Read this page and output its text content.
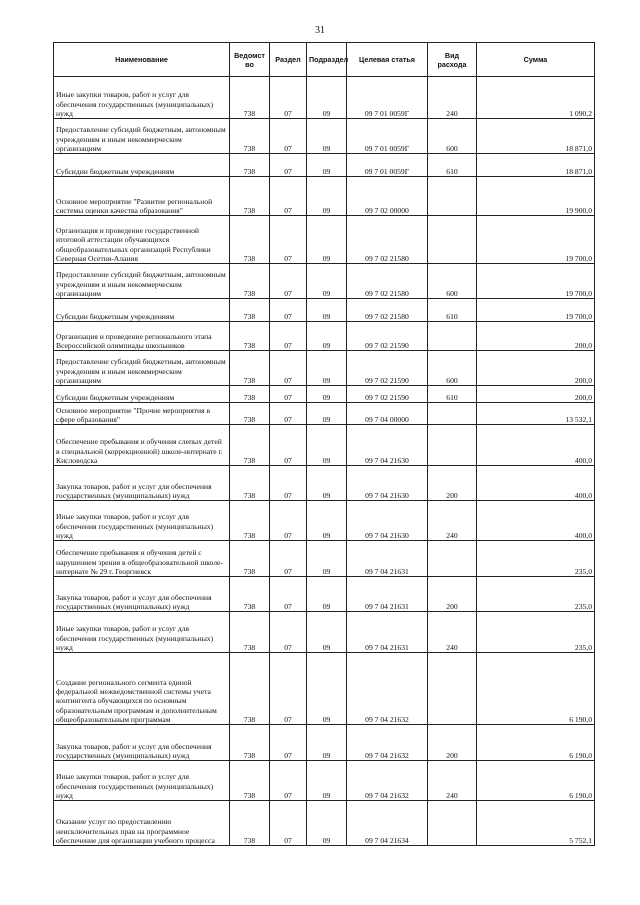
31
Наименование	Ведомст во	Раздел	Подраздел	Целевая статья	Вид расхода	Сумма
Иные закупки товаров, работ и услуг для обеспечения государственных (муниципальных) нужд	738	07	09	09 7 01 0059Г	240	1 090,2
Предоставление субсидий бюджетным, автономным учреждениям и иным некоммерческим организациям	738	07	09	09 7 01 0059Г	600	18 871,0
Субсидии бюджетным учреждениям	738	07	09	09 7 01 0059Г	610	18 871,0
Основное мероприятие "Развитие региональной системы оценки качества образования"	738	07	09	09 7 02 00000		19 900,0
Организация и проведение государственной итоговой аттестации обучающихся общеобразовательных организаций Республики Северная Осетия-Алания	738	07	09	09 7 02 21580		19 700,0
Предоставление субсидий бюджетным, автономным учреждениям и иным некоммерческим организациям	738	07	09	09 7 02 21580	600	19 700,0
Субсидии бюджетным учреждениям	738	07	09	09 7 02 21580	610	19 700,0
Организация и проведение регионального этапа Всероссийской олимпиады школьников	738	07	09	09 7 02 21590		200,0
Предоставление субсидий бюджетным, автономным учреждениям и иным некоммерческим организациям	738	07	09	09 7 02 21590	600	200,0
Субсидии бюджетным учреждениям	738	07	09	09 7 02 21590	610	200,0
Основное мероприятие "Прочие мероприятия в сфере образования"	738	07	09	09 7 04 00000		13 532,1
Обеспечение пребывания и обучения слепых детей в специальной (коррекционной) школе-интернате г. Кисловодска	738	07	09	09 7 04 21630		400,0
Закупка товаров, работ и услуг для обеспечения государственных (муниципальных) нужд	738	07	09	09 7 04 21630	200	400,0
Иные закупки товаров, работ и услуг для обеспечения государственных (муниципальных) нужд	738	07	09	09 7 04 21630	240	400,0
Обеспечение пребывания и обучения детей с нарушением зрения в общеобразовательной школе-интернате № 29 г. Георгиевск	738	07	09	09 7 04 21631		235,0
Закупка товаров, работ и услуг для обеспечения государственных (муниципальных) нужд	738	07	09	09 7 04 21631	200	235,0
Иные закупки товаров, работ и услуг для обеспечения государственных (муниципальных) нужд	738	07	09	09 7 04 21631	240	235,0
Создание регионального сегмента единой федеральной межведомственной системы учета контингента обучающихся по основным образовательным программам и дополнительным общеобразовательным программам	738	07	09	09 7 04 21632		6 190,0
Закупка товаров, работ и услуг для обеспечения государственных (муниципальных) нужд	738	07	09	09 7 04 21632	200	6 190,0
Иные закупки товаров, работ и услуг для обеспечения государственных (муниципальных) нужд	738	07	09	09 7 04 21632	240	6 190,0
Оказание услуг по предоставлению неисключительных прав на программное обеспечение для организации учебного процесса	738	07	09	09 7 04 21634		5 752,1
